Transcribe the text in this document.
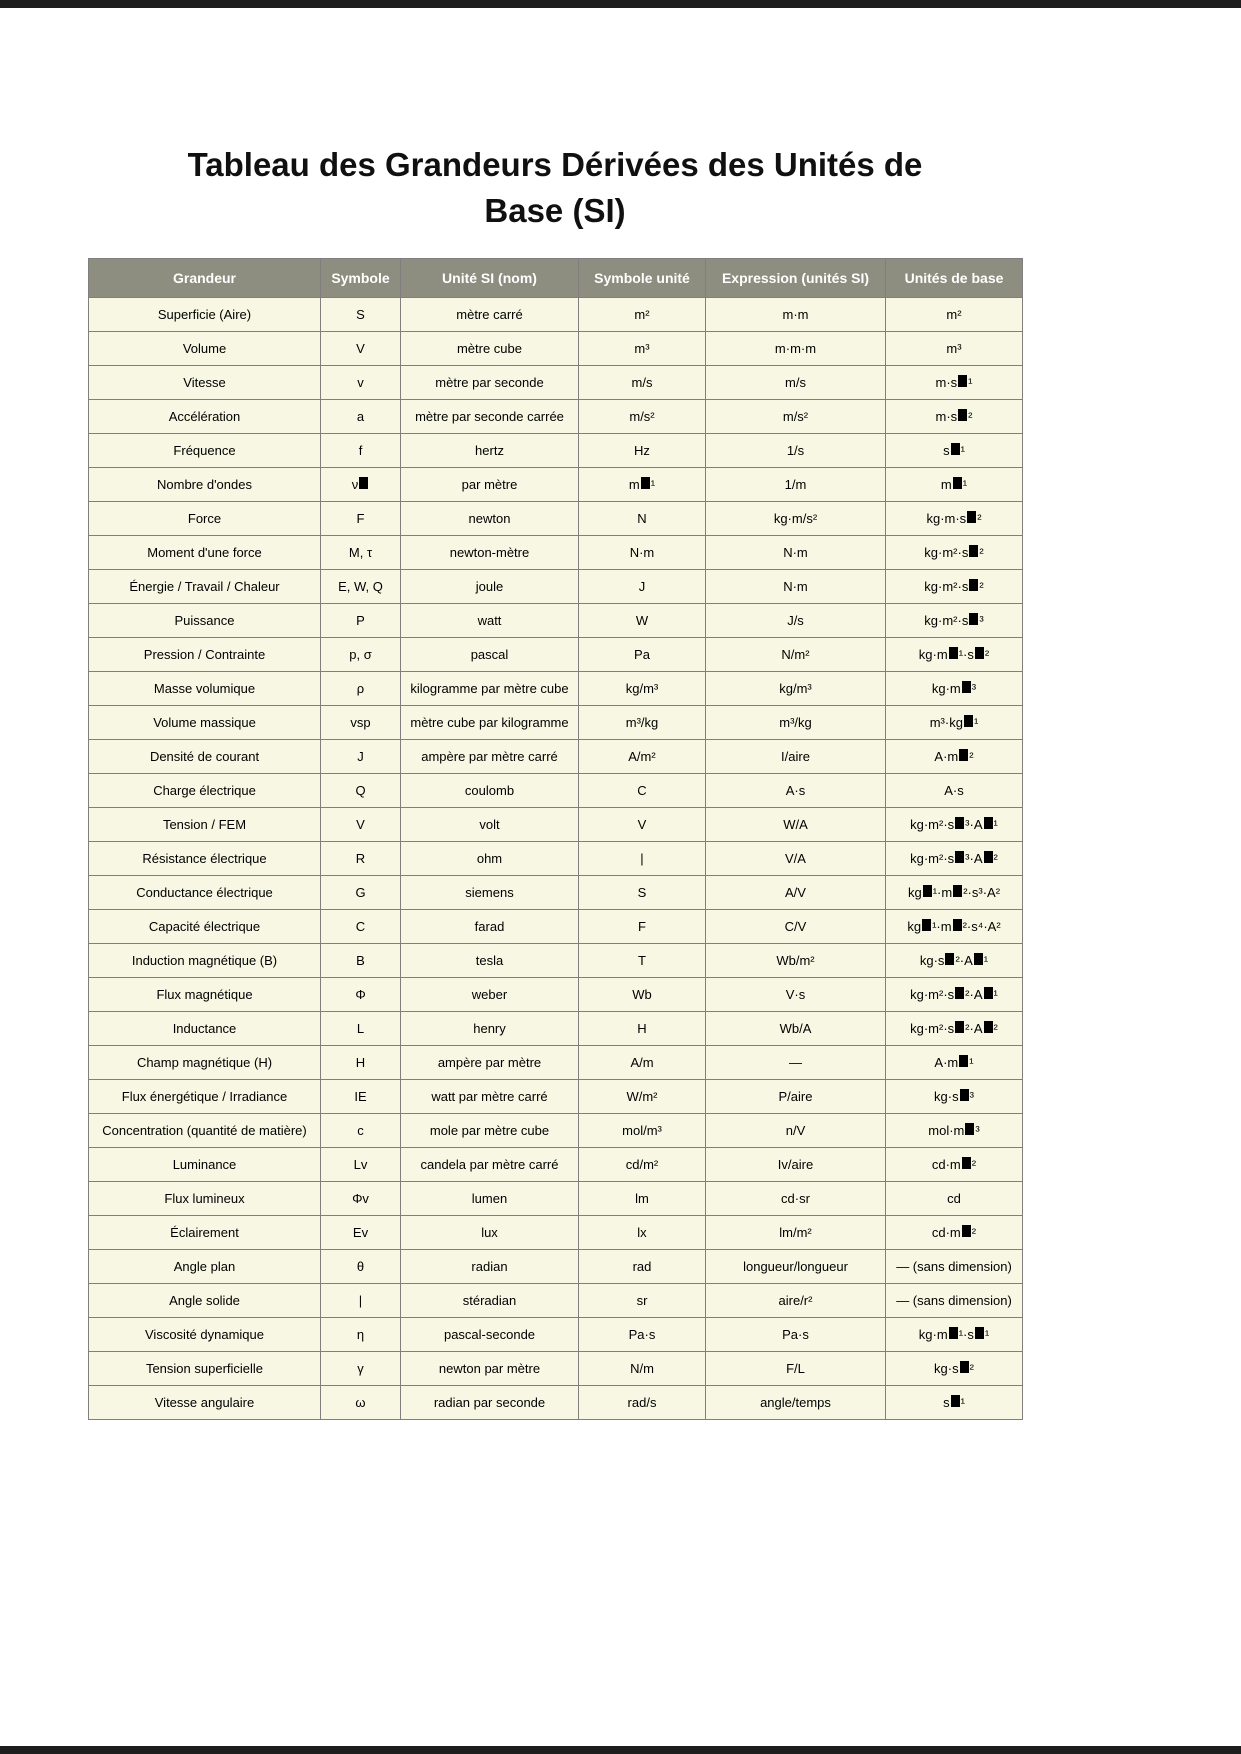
Tableau des Grandeurs Dérivées des Unités de Base (SI)
Grandeur	Symbole	Unité SI (nom)	Symbole unité	Expression (unités SI)	Unités de base
Superficie (Aire)	S	mètre carré	m²	m·m	m²
Volume	V	mètre cube	m³	m·m·m	m³
Vitesse	v	mètre par seconde	m/s	m/s	m·s ¹
Accélération	a	mètre par seconde carrée	m/s²	m/s²	m·s ²
Fréquence	f	hertz	Hz	1/s	s ¹
Nombre d'ondes	ν	par mètre	m ¹	1/m	m ¹
Force	F	newton	N	kg·m/s²	kg·m·s ²
Moment d'une force	M, τ	newton-mètre	N·m	N·m	kg·m²·s ²
Énergie / Travail / Chaleur	E, W, Q	joule	J	N·m	kg·m²·s ²
Puissance	P	watt	W	J/s	kg·m²·s ³
Pression / Contrainte	p, σ	pascal	Pa	N/m²	kg·m ¹·s ²
Masse volumique	ρ	kilogramme par mètre cube	kg/m³	kg/m³	kg·m ³
Volume massique	vsp	mètre cube par kilogramme	m³/kg	m³/kg	m³·kg ¹
Densité de courant	J	ampère par mètre carré	A/m²	I/aire	A·m ²
Charge électrique	Q	coulomb	C	A·s	A·s
Tension / FEM	V	volt	V	W/A	kg·m²·s ³·A ¹
Résistance électrique	R	ohm	|	V/A	kg·m²·s ³·A ²
Conductance électrique	G	siemens	S	A/V	kg ¹·m ²·s³·A²
Capacité électrique	C	farad	F	C/V	kg ¹·m ²·s⁴·A²
Induction magnétique (B)	B	tesla	T	Wb/m²	kg·s ²·A ¹
Flux magnétique	Φ	weber	Wb	V·s	kg·m²·s ²·A ¹
Inductance	L	henry	H	Wb/A	kg·m²·s ²·A ²
Champ magnétique (H)	H	ampère par mètre	A/m	—	A·m ¹
Flux énergétique / Irradiance	IE	watt par mètre carré	W/m²	P/aire	kg·s ³
Concentration (quantité de matière)	c	mole par mètre cube	mol/m³	n/V	mol·m ³
Luminance	Lv	candela par mètre carré	cd/m²	Iv/aire	cd·m ²
Flux lumineux	Φv	lumen	lm	cd·sr	cd
Éclairement	Ev	lux	lx	lm/m²	cd·m ²
Angle plan	θ	radian	rad	longueur/longueur	— (sans dimension)
Angle solide	|	stéradian	sr	aire/r²	— (sans dimension)
Viscosité dynamique	η	pascal-seconde	Pa·s	Pa·s	kg·m ¹·s ¹
Tension superficielle	γ	newton par mètre	N/m	F/L	kg·s ²
Vitesse angulaire	ω	radian par seconde	rad/s	angle/temps	s ¹
